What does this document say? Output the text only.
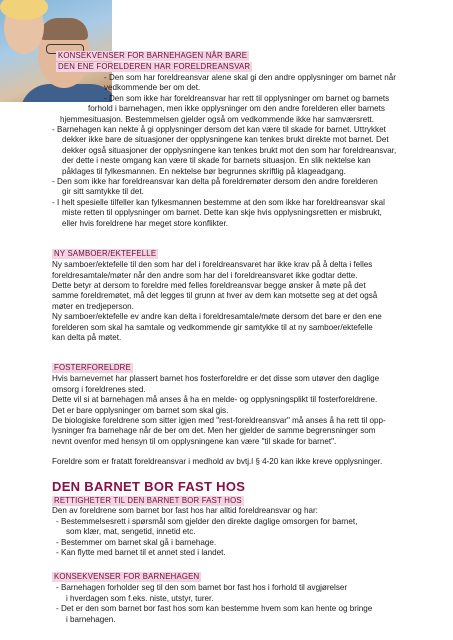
KONSEKVENSER FOR BARNEHAGEN NÅR BARE
DEN ENE FORELDEREN HAR FORELDREANSVAR

- Den som har foreldreansvar alene skal gi den andre opplysninger om barnet når

vedkommende ber om det.

- Den som ikke har foreldreansvar har rett til opplysninger om barnet og barnets

forhold i barnehagen, men ikke opplysninger om den andre forelderen eller barnets

hjemmesituasjon. Bestemmelsen gjelder også om vedkommende ikke har samværsrett.

- Barnehagen kan nekte å gi opplysninger dersom det kan være til skade for barnet. Uttrykket

dekker ikke bare de situasjoner der opplysningene kan tenkes brukt direkte mot barnet. Det

dekker også situasjoner der opplysningene kan tenkes brukt mot den som har foreldreansvar,

der dette i neste omgang kan være til skade for barnets situasjon. En slik nektelse kan

påklages til fylkesmannen. En nektelse bør begrunnes skriftlig på klageadgang.

- Den som ikke har foreldreansvar kan delta på foreldremøter dersom den andre forelderen

gir sitt samtykke til det.

- I helt spesielle tilfeller kan fylkesmannen bestemme at den som ikke har foreldreansvar skal

miste retten til opplysninger om barnet. Dette kan skje hvis opplysningsretten er misbrukt,

eller hvis foreldrene har meget store konflikter.

NY SAMBOER/EKTEFELLE

Ny samboer/ektefelle til den som har del i foreldreansvaret har ikke krav på å delta i felles

foreldresamtale/møter når den andre som har del i foreldreansvaret ikke godtar dette.

Dette betyr at dersom to foreldre med felles foreldreansvar begge ønsker å møte på det

samme foreldremøtet, må det legges til grunn at hver av dem kan motsette seg at det også

møter en tredjeperson.

Ny samboer/ektefelle ev andre kan delta i foreldresamtale/møte dersom det bare er den ene

forelderen som skal ha samtale og vedkommende gir samtykke til at ny samboer/ektefelle

kan delta på møtet.

FOSTERFORELDRE

Hvis barnevernet har plassert barnet hos fosterforeldre er det disse som utøver den daglige

omsorg i foreldrenes sted.

Dette vil si at barnehagen må anses å ha en melde- og opplysningsplikt til fosterforeldrene.

Det er bare opplysninger om barnet som skal gis.

De biologiske foreldrene som sitter igjen med "rest-foreldreansvar" må anses å ha rett til opp-

lysninger fra barnehage når de ber om det. Men her gjelder de samme begrensninger som

nevnt ovenfor med hensyn til om opplysningene kan være "til skade for barnet".

Foreldre som er fratatt foreldreansvar i medhold av bvtj.l § 4-20 kan ikke kreve opplysninger.

DEN BARNET BOR FAST HOS
RETTIGHETER TIL DEN BARNET BOR FAST HOS

Den av foreldrene som barnet bor fast hos har alltid foreldreansvar og har:

- Bestemmelsesrett i spørsmål som gjelder den direkte daglige omsorgen for barnet,

som klær, mat, sengetid, innetid etc.

- Bestemmer om barnet skal gå i barnehage.

- Kan flytte med barnet til et annet sted i landet.

KONSEKVENSER FOR BARNEHAGEN

- Barnehagen forholder seg til den som barnet bor fast hos i forhold til avgjørelser

i hverdagen som f.eks. niste, utstyr, turer.

- Det er den som barnet bor fast hos som kan bestemme hvem som kan hente og bringe

i barnehagen.
